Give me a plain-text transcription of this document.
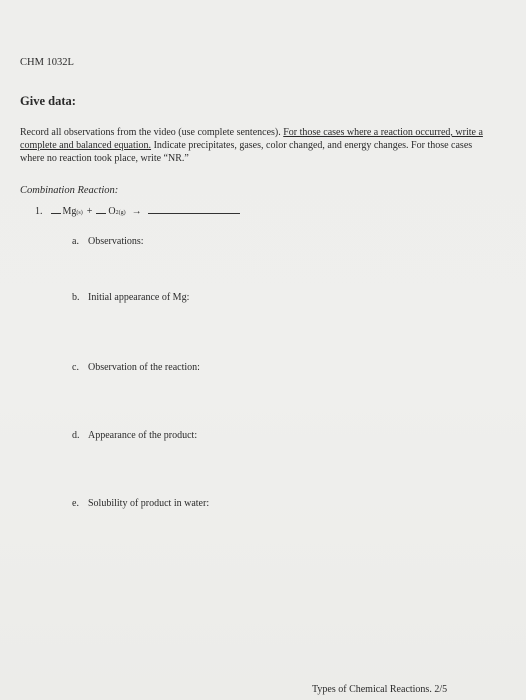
CHM 1032L
Give data:
Record all observations from the video (use complete sentences). For those cases where a reaction occurred, write a complete and balanced equation. Indicate precipitates, gases, color changed, and energy changes. For those cases where no reaction took place, write “NR.”
Combination Reaction:
1. Mg (s) + O 2 (g) →
a. Observations:
b. Initial appearance of Mg:
c. Observation of the reaction:
d. Appearance of the product:
e. Solubility of product in water:
Types of Chemical Reactions. 2/5
